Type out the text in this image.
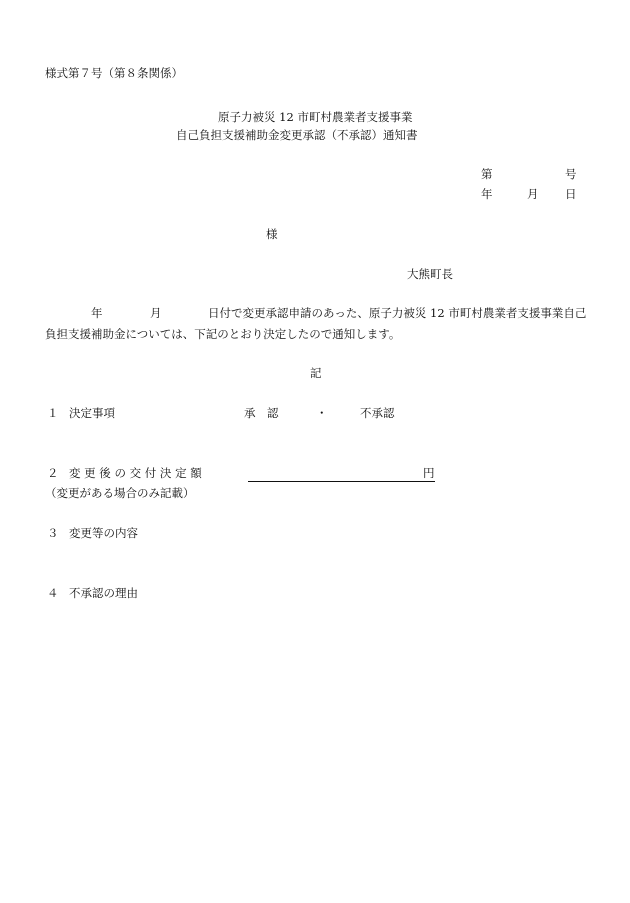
様式第７号（第８条関係）
原子力被災 12 市町村農業者支援事業
自己負担支援補助金変更承認（不承認）通知書
第	号
年	月 日
様
大熊町長
年	月	日付で変更承認申請のあった、原子力被災 12 市町村農業者支援事業自己
負担支援補助金については、下記のとおり決定したので通知します。
記
１ 決定事項	承　認	・	不承認
２ 変 更 後 の 交 付 決 定 額	円
（変更がある場合のみ記載）
３ 変更等の内容
４ 不承認の理由
